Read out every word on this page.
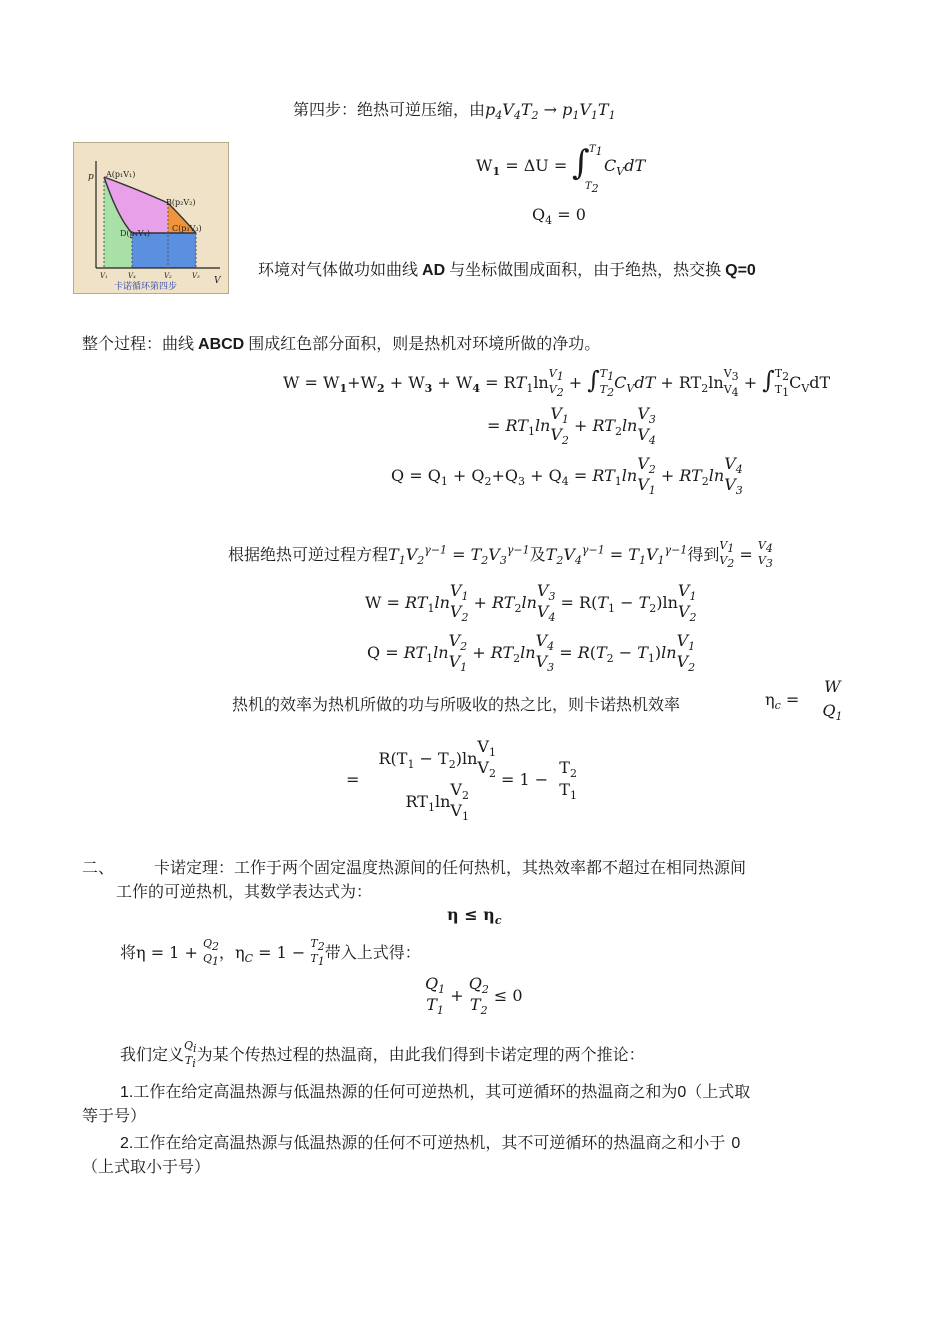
第四步：绝热可逆压缩，由$p_4V_4T_2 \to p_1V_1T_1$
p
V
A(p₁V₁)
B(p₂V₂)
C(p₃V₃)
D(p₄V₄)
V₁	V₄	V₂	V₃
卡诺循环第四步
$W_1 = \Delta U$ = ∫ $T_1$
$T_2$
$C_VdT$
$Q_4 = 0$
环境对气体做功如曲线 AD 与坐标做围成面积，由于绝热，热交换 Q=0
整个过程：曲线 ABCD 围成红色部分面积，则是热机对环境所做的净功。
$W = W_1+W_2 + W_3 + W_4 = RT_1\ln$ $V_1$
$V_2$
+ ∫ $T_1$
$T_2$
$C_VdT + RT_2\ln$ $V_3$
$V_4$
+ ∫ $T_2$
$T_1$
$C_VdT$
= $RT_1\ln$
$V_1$
$V_2$
+ $RT_2\ln$
$V_3$
$V_4$
$Q = Q_1 + Q_2+Q_3 + Q_4 = RT_1\ln$
$V_2$
$V_1$
+ $RT_2\ln$
$V_4$
$V_3$
根据绝热可逆过程方程$T_1V_2^{\gamma-1} = T_2V_3^{\gamma-1}$及$T_2V_4^{\gamma-1} = T_1V_1^{\gamma-1}$得到 $V_1$
$V_2$
= $V_4$
$V_3$
$W = RT_1\ln$
$V_1$
$V_2$
+ $RT_2\ln$
$V_3$
$V_4$
= $R(T_1 - T_2)\ln$
$V_1$
$V_2$
$Q = RT_1\ln$
$V_2$
$V_1$
+ $RT_2\ln$
$V_4$
$V_3$
= $R(T_2 - T_1)\ln$
$V_1$
$V_2$
热机的效率为热机所做的功与所吸收的热之比，则卡诺热机效率	$\eta_c$ =
W
$Q_1$
=
$R(T_1 - T_2)\ln$
$V_1$
$V_2$
$RT_1\ln$
$V_2$
$V_1$
= 1 −
$T_2$
$T_1$
二、	卡诺定理：工作于两个固定温度热源间的任何热机，其热效率都不超过在相同热源间
工作的可逆热机，其数学表达式为：
$\eta \le \eta_c$
将$\eta = 1 + Q_2$
$Q_1$
，$\eta_C = 1 - T_2$
$T_1$
带入上式得：
$Q_1$
$T_1$
+
$Q_2$
$T_2$
≤ 0
我们定义 $Q_i$
$T_i$
为某个传热过程的热温商，由此我们得到卡诺定理的两个推论：
1.工作在给定高温热源与低温热源的任何可逆热机，其可逆循环的热温商之和为0（上式取
等于号）
2.工作在给定高温热源与低温热源的任何不可逆热机，其不可逆循环的热温商之和小于 0
（上式取小于号）
